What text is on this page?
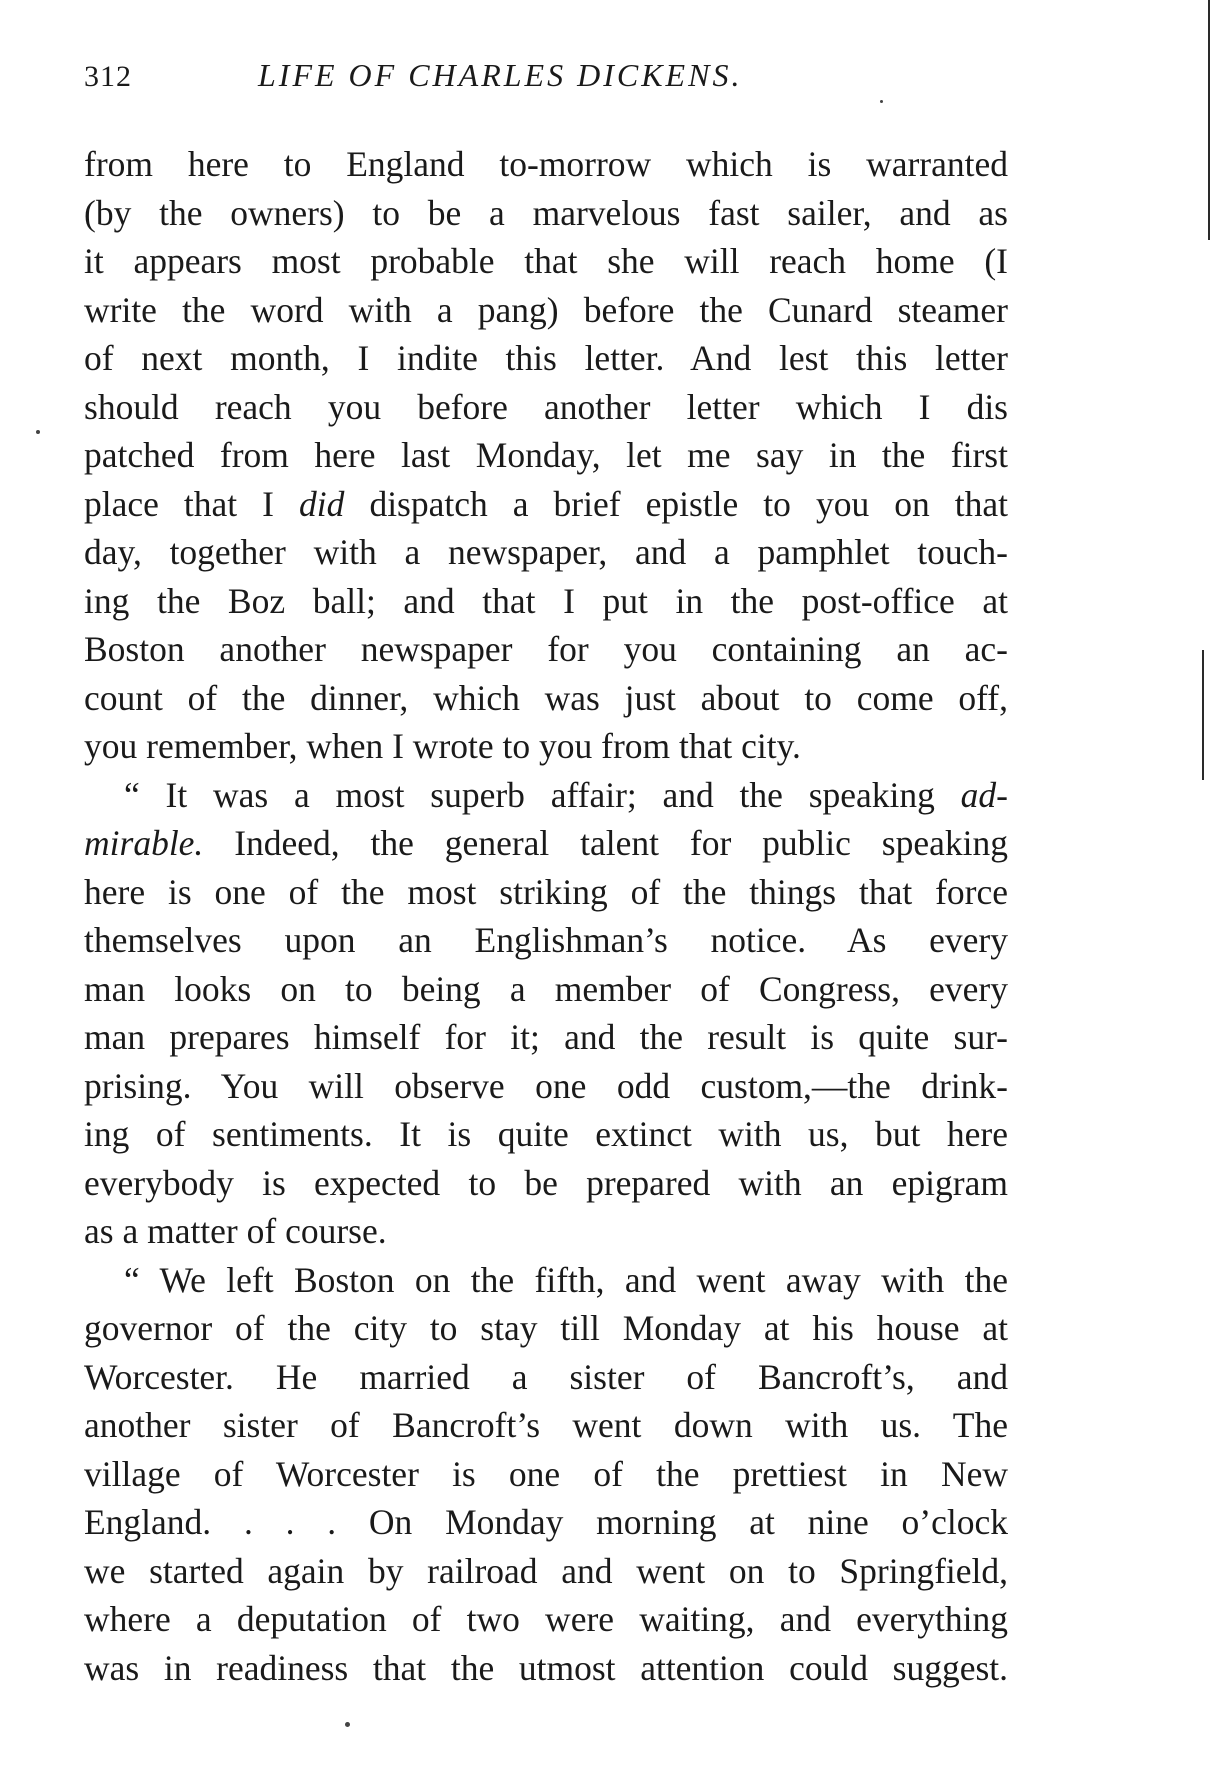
312	LIFE OF CHARLES DICKENS.
from here to England to-morrow which is warranted
(by the owners) to be a marvelous fast sailer, and as
it appears most probable that she will reach home (I
write the word with a pang) before the Cunard steamer
of next month, I indite this letter. And lest this letter
should reach you before another letter which I dis
patched from here last Monday, let me say in the first
place that I did dispatch a brief epistle to you on that
day, together with a newspaper, and a pamphlet touch-
ing the Boz ball; and that I put in the post-office at
Boston another newspaper for you containing an ac-
count of the dinner, which was just about to come off,
you remember, when I wrote to you from that city.
“ It was a most superb affair; and the speaking ad-
mirable. Indeed, the general talent for public speaking
here is one of the most striking of the things that force
themselves upon an Englishman’s notice. As every
man looks on to being a member of Congress, every
man prepares himself for it; and the result is quite sur-
prising. You will observe one odd custom,—the drink-
ing of sentiments. It is quite extinct with us, but here
everybody is expected to be prepared with an epigram
as a matter of course.
“ We left Boston on the fifth, and went away with the
governor of the city to stay till Monday at his house at
Worcester. He married a sister of Bancroft’s, and
another sister of Bancroft’s went down with us. The
village of Worcester is one of the prettiest in New
England. . . . On Monday morning at nine o’clock
we started again by railroad and went on to Springfield,
where a deputation of two were waiting, and everything
was in readiness that the utmost attention could suggest.
